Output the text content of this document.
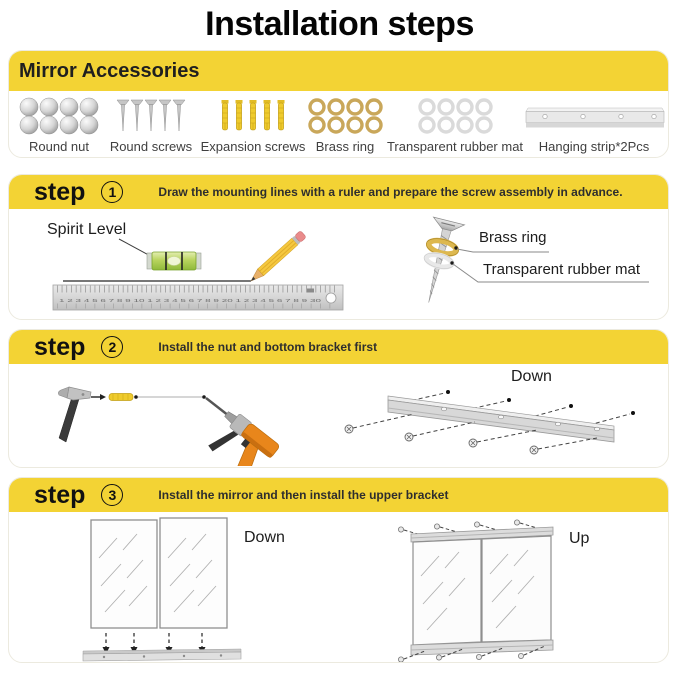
Installation steps
Mirror Accessories
Round nut	Round screws Expansion screws Brass ring Transparent rubber mat	Hanging strip*2Pcs
step	1	Draw the mounting lines with a ruler and prepare the screw assembly in advance.
Spirit Level
1 2 3 4 5 6 7 8 9 10 1 2 3 4 5 6 7 8 9 20 1 2 3 4 5 6 7 8 9 30
Brass ring
Transparent rubber mat
step	2	Install the nut and bottom bracket first
Down
step	3	Install the mirror and then install the upper bracket
Down	Up
